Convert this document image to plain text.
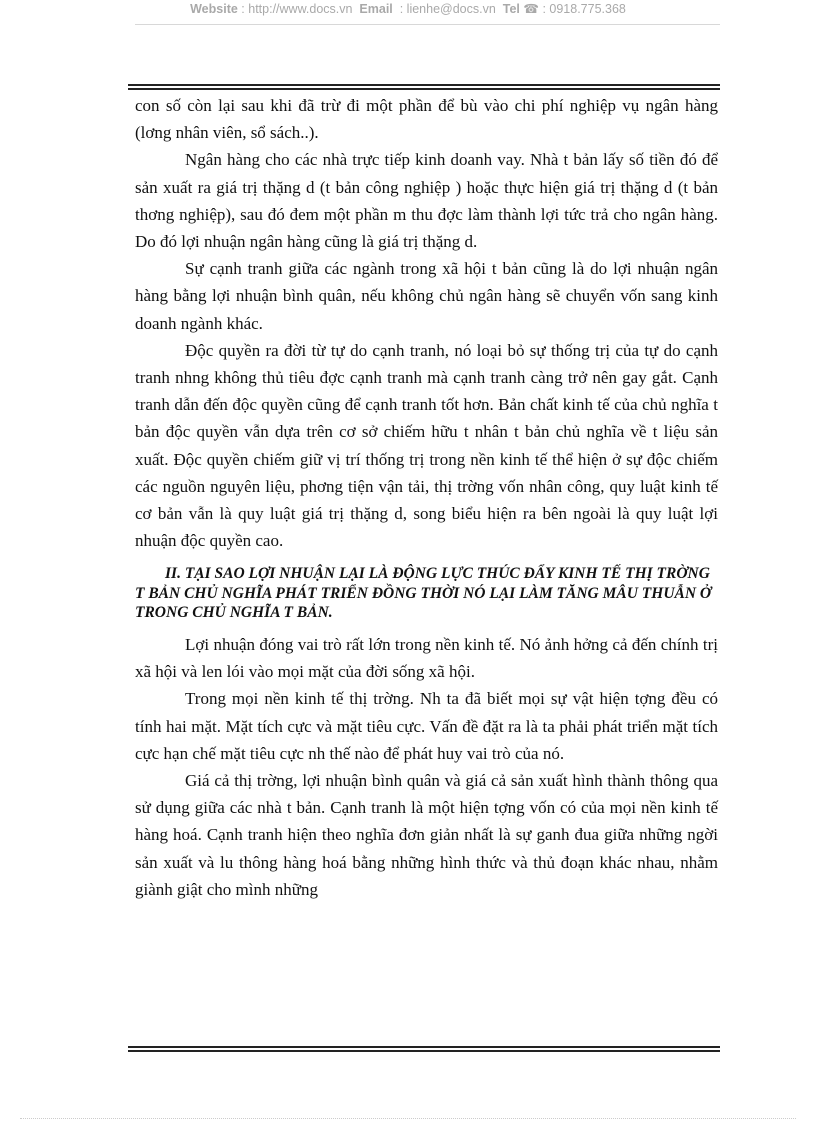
Website : http://www.docs.vn Email : lienhe@docs.vn Tel ☎ : 0918.775.368

con số còn lại sau khi đã trừ đi một phần để bù vào chi phí nghiệp vụ ngân hàng (lơng nhân viên, sổ sách..).

Ngân hàng cho các nhà trực tiếp kinh doanh vay. Nhà t bản lấy số tiền đó để sản xuất ra giá trị thặng d (t bản công nghiệp ) hoặc thực hiện giá trị thặng d (t bản thơng nghiệp), sau đó đem một phần m thu đợc làm thành lợi tức trả cho ngân hàng. Do đó lợi nhuận ngân hàng cũng là giá trị thặng d.

Sự cạnh tranh giữa các ngành trong xã hội t bản cũng là do lợi nhuận ngân hàng bằng lợi nhuận bình quân, nếu không chủ ngân hàng sẽ chuyển vốn sang kinh doanh ngành khác.

Độc quyền ra đời từ tự do cạnh tranh, nó loại bỏ sự thống trị của tự do cạnh tranh nhng không thủ tiêu đợc cạnh tranh mà cạnh tranh càng trở nên gay gắt. Cạnh tranh dẫn đến độc quyền cũng để cạnh tranh tốt hơn. Bản chất kinh tế của chủ nghĩa t bản độc quyền vẫn dựa trên cơ sở chiếm hữu t nhân t bản chủ nghĩa về t liệu sản xuất. Độc quyền chiếm giữ vị trí thống trị trong nền kinh tế thể hiện ở sự độc chiếm các nguồn nguyên liệu, phơng tiện vận tải, thị trờng vốn nhân công, quy luật kinh tế cơ bản vẫn là quy luật giá trị thặng d, song biểu hiện ra bên ngoài là quy luật lợi nhuận độc quyền cao.

II. TẠI SAO LỢI NHUẬN LẠI LÀ ĐỘNG LỰC THÚC ĐẨY KINH TẾ THỊ TRỜNG T BẢN CHỦ NGHĨA PHÁT TRIỂN ĐỒNG THỜI NÓ LẠI LÀM TĂNG MÂU THUẪN Ở TRONG CHỦ NGHĨA T BẢN.

Lợi nhuận đóng vai trò rất lớn trong nền kinh tế. Nó ảnh hởng cả đến chính trị xã hội và len lói vào mọi mặt của đời sống xã hội.

Trong mọi nền kinh tế thị trờng. Nh ta đã biết mọi sự vật hiện tợng đều có tính hai mặt. Mặt tích cực và mặt tiêu cực. Vấn đề đặt ra là ta phải phát triển mặt tích cực hạn chế mặt tiêu cực nh thế nào để phát huy vai trò của nó.

Giá cả thị trờng, lợi nhuận bình quân và giá cả sản xuất hình thành thông qua sử dụng giữa các nhà t bản. Cạnh tranh là một hiện tợng vốn có của mọi nền kinh tế hàng hoá. Cạnh tranh hiện theo nghĩa đơn giản nhất là sự ganh đua giữa những ngời sản xuất và lu thông hàng hoá bằng những hình thức và thủ đoạn khác nhau, nhằm giành giật cho mình những
